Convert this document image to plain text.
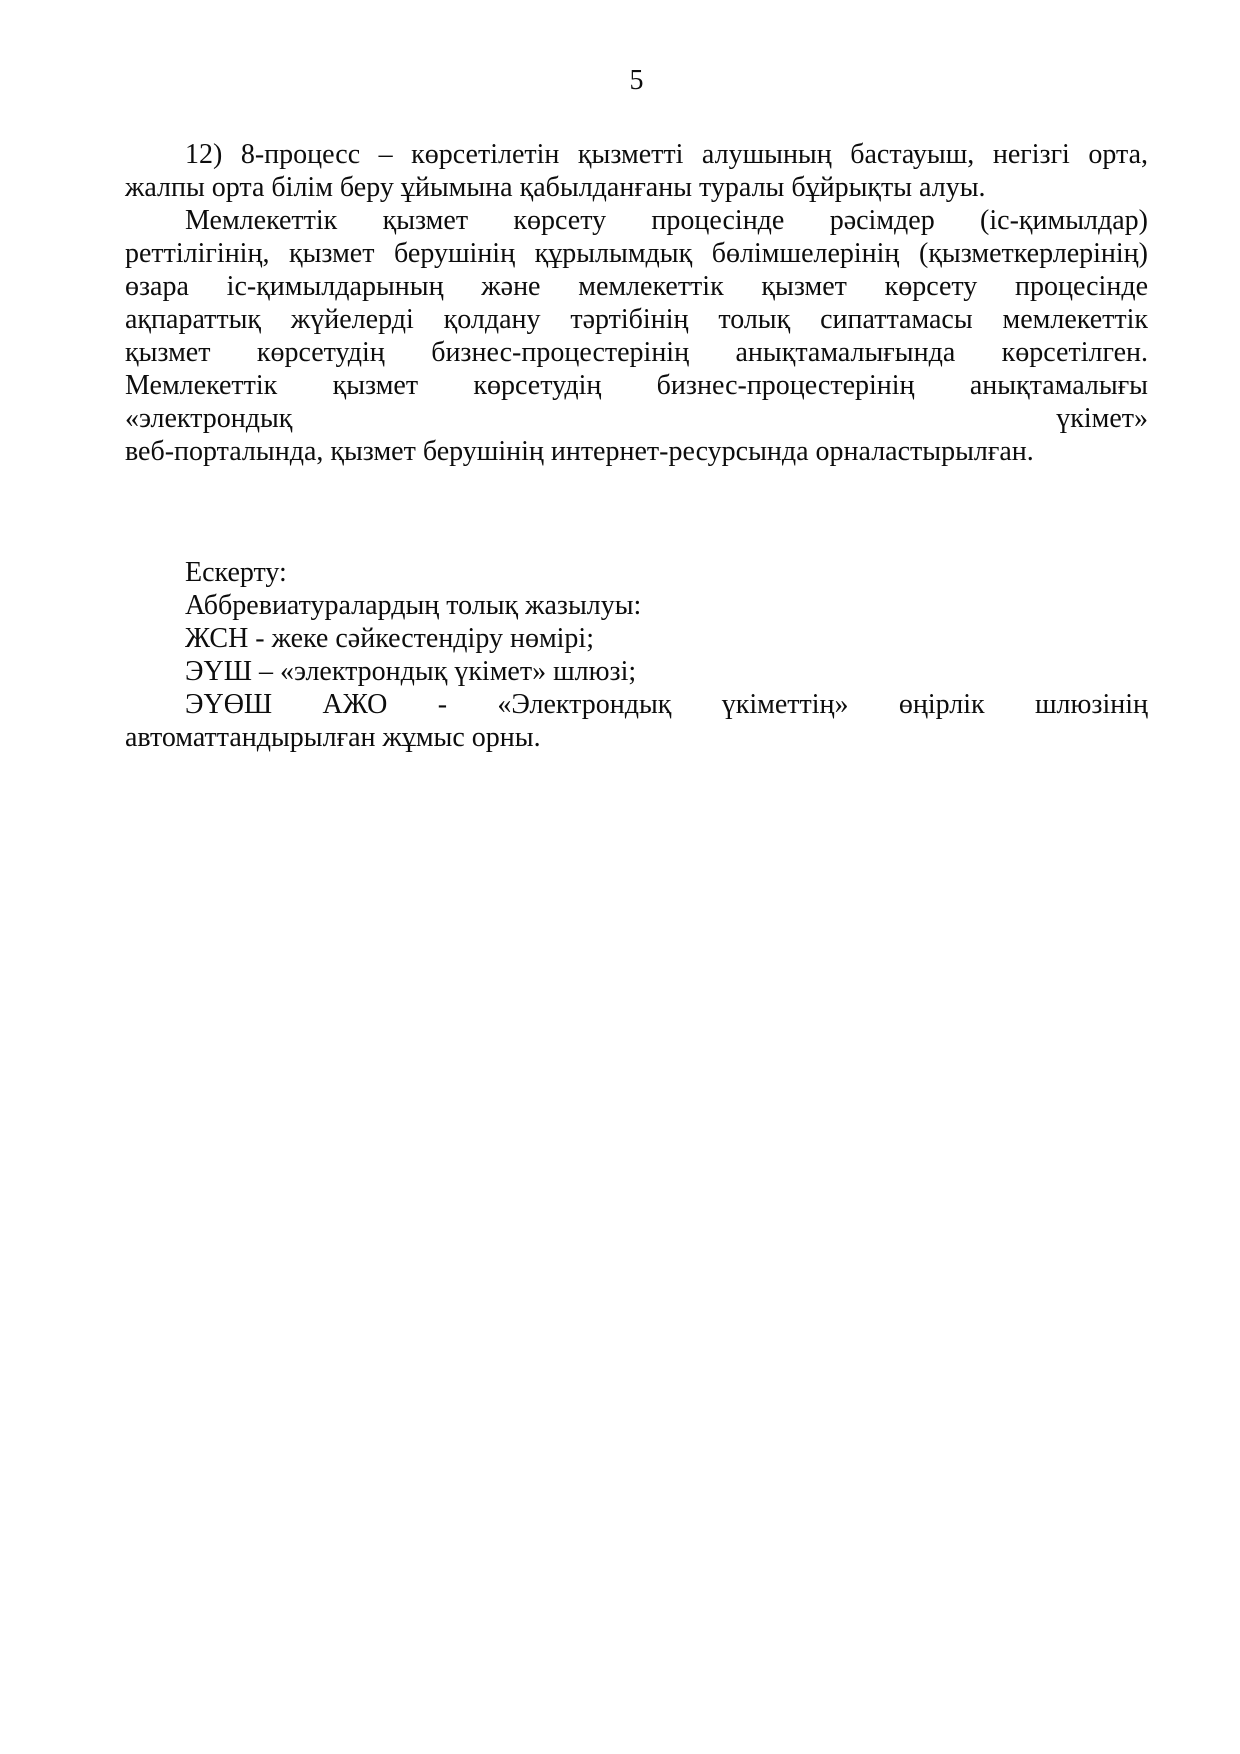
5
12) 8-процесс – көрсетілетін қызметті алушының бастауыш, негізгі орта,
жалпы орта білім беру ұйымына қабылданғаны туралы бұйрықты алуы.
Мемлекеттік қызмет көрсету процесінде рәсімдер (іс-қимылдар)
реттілігінің, қызмет берушінің құрылымдық бөлімшелерінің (қызметкерлерінің)
өзара іс-қимылдарының және мемлекеттік қызмет көрсету процесінде
ақпараттық жүйелерді қолдану тәртібінің толық сипаттамасы мемлекеттік
қызмет көрсетудің бизнес-процестерінің анықтамалығында көрсетілген.
Мемлекеттік қызмет көрсетудің бизнес-процестерінің анықтамалығы
«электрондық үкімет»
веб-порталында, қызмет берушінің интернет-ресурсында орналастырылған.
Ескерту:
Аббревиатуралардың толық жазылуы:
ЖСН - жеке сәйкестендіру нөмірі;
ЭҮШ – «электрондық үкімет» шлюзі;
ЭҮӨШ АЖО - «Электрондық үкіметтің» өңірлік шлюзінің
автоматтандырылған жұмыс орны.
